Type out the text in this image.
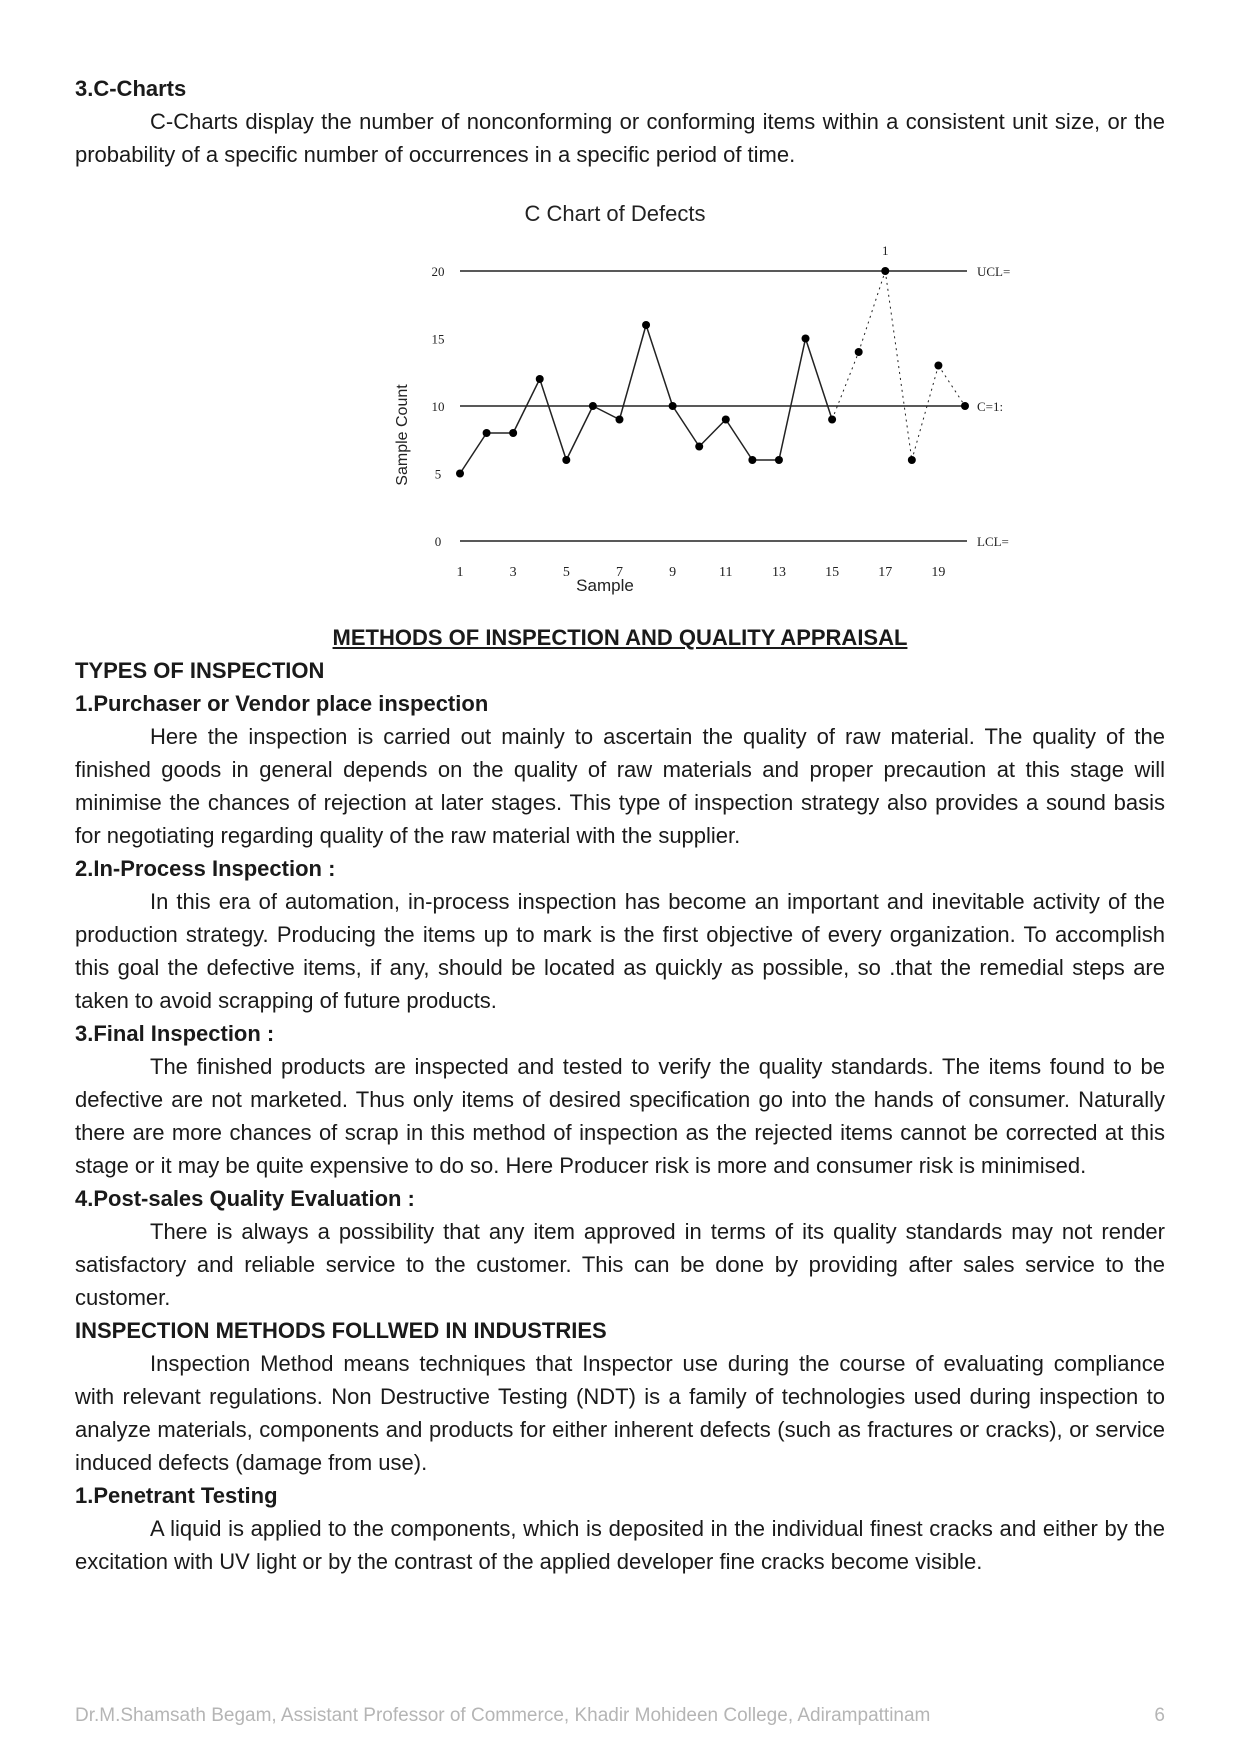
3.C-Charts

C-Charts display the number of nonconforming or conforming items within a consistent unit size, or the probability of a specific number of occurrences in a specific period of time.

C Chart of Defects
Sample Count
Sample
UCL=
C=1:
LCL=
0
5
10
15
20
1	3	5	7	9	11	13	15	17	19
1

METHODS OF INSPECTION AND QUALITY APPRAISAL

TYPES OF INSPECTION

1.Purchaser or Vendor place inspection

Here the inspection is carried out mainly to ascertain the quality of raw material. The quality of the finished goods in general depends on the quality of raw materials and proper precaution at this stage will minimise the chances of rejection at later stages. This type of inspection strategy also provides a sound basis for negotiating regarding quality of the raw material with the supplier.

2.In-Process Inspection :

In this era of automation, in-process inspection has become an important and inevitable activity of the production strategy. Producing the items up to mark is the first objective of every organization. To accomplish this goal the defective items, if any, should be located as quickly as possible, so .that the remedial steps are taken to avoid scrapping of future products.

3.Final Inspection :

The finished products are inspected and tested to verify the quality standards. The items found to be defective are not marketed. Thus only items of desired specification go into the hands of consumer. Naturally there are more chances of scrap in this method of inspection as the rejected items cannot be corrected at this stage or it may be quite expensive to do so. Here Producer risk is more and consumer risk is minimised.

4.Post-sales Quality Evaluation :

There is always a possibility that any item approved in terms of its quality standards may not render satisfactory and reliable service to the customer. This can be done by providing after sales service to the customer.

INSPECTION METHODS FOLLWED IN INDUSTRIES

Inspection Method means techniques that Inspector use during the course of evaluating compliance with relevant regulations. Non Destructive Testing (NDT) is a family of technologies used during inspection to analyze materials, components and products for either inherent defects (such as fractures or cracks), or service induced defects (damage from use).

1.Penetrant Testing

A liquid is applied to the components, which is deposited in the individual finest cracks and either by the excitation with UV light or by the contrast of the applied developer fine cracks become visible.

Dr.M.Shamsath Begam, Assistant Professor of Commerce, Khadir Mohideen College, Adirampattinam	6
